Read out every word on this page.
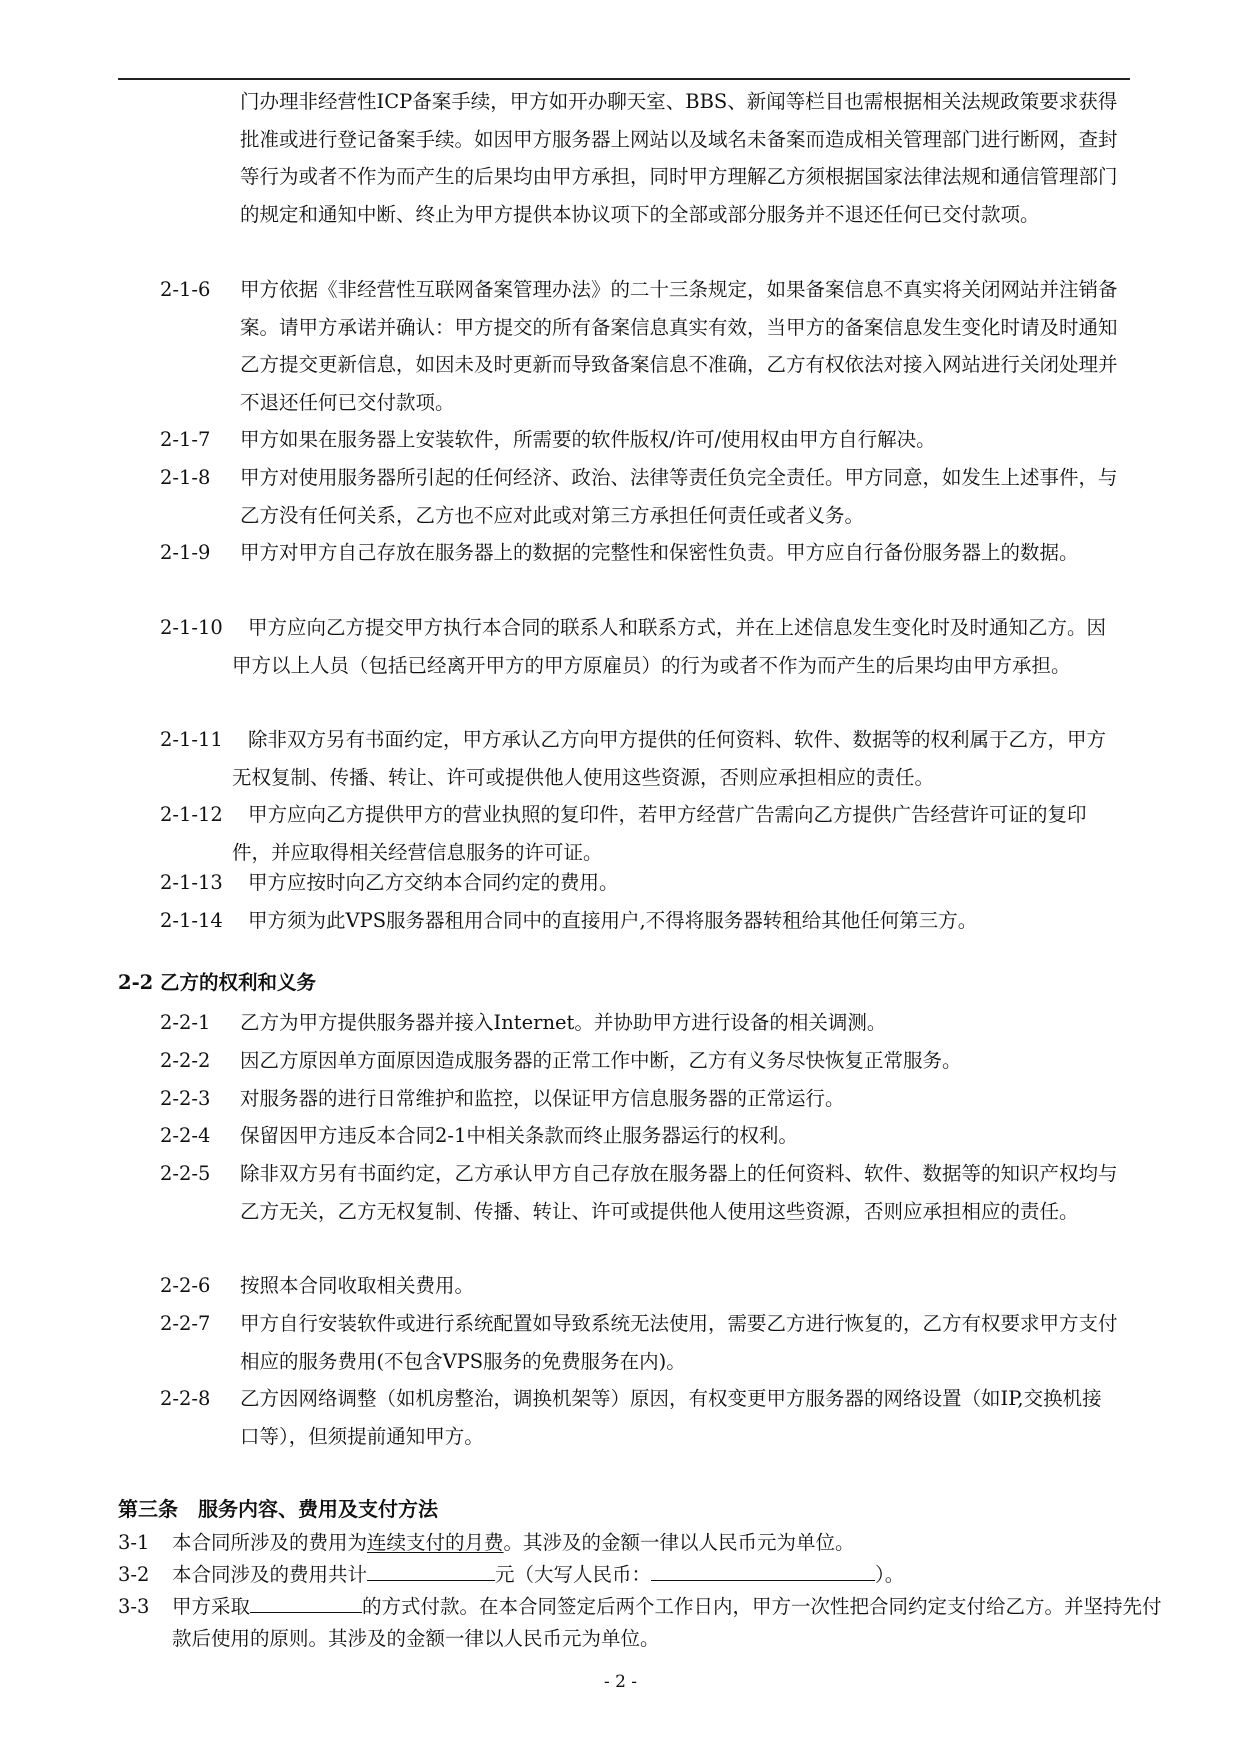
门办理非经营性ICP备案手续，甲方如开办聊天室、BBS、新闻等栏目也需根据相关法规政策要求获得批准或进行登记备案手续。如因甲方服务器上网站以及域名未备案而造成相关管理部门进行断网，查封等行为或者不作为而产生的后果均由甲方承担，同时甲方理解乙方须根据国家法律法规和通信管理部门的规定和通知中断、终止为甲方提供本协议项下的全部或部分服务并不退还任何已交付款项。
2-1-6 甲方依据《非经营性互联网备案管理办法》的二十三条规定，如果备案信息不真实将关闭网站并注销备案。请甲方承诺并确认：甲方提交的所有备案信息真实有效，当甲方的备案信息发生变化时请及时通知乙方提交更新信息，如因未及时更新而导致备案信息不准确，乙方有权依法对接入网站进行关闭处理并不退还任何已交付款项。
2-1-7 甲方如果在服务器上安装软件，所需要的软件版权/许可/使用权由甲方自行解决。
2-1-8 甲方对使用服务器所引起的任何经济、政治、法律等责任负完全责任。甲方同意，如发生上述事件，与乙方没有任何关系，乙方也不应对此或对第三方承担任何责任或者义务。
2-1-9 甲方对甲方自己存放在服务器上的数据的完整性和保密性负责。甲方应自行备份服务器上的数据。
2-1-10	甲方应向乙方提交甲方执行本合同的联系人和联系方式，并在上述信息发生变化时及时通知乙方。因甲方以上人员（包括已经离开甲方的甲方原雇员）的行为或者不作为而产生的后果均由甲方承担。
2-1-11	除非双方另有书面约定，甲方承认乙方向甲方提供的任何资料、软件、数据等的权利属于乙方，甲方无权复制、传播、转让、许可或提供他人使用这些资源，否则应承担相应的责任。
2-1-12	甲方应向乙方提供甲方的营业执照的复印件，若甲方经营广告需向乙方提供广告经营许可证的复印件，并应取得相关经营信息服务的许可证。
2-1-13 甲方应按时向乙方交纳本合同约定的费用。
2-1-14 甲方须为此VPS服务器租用合同中的直接用户,不得将服务器转租给其他任何第三方。
2-2 乙方的权利和义务
2-2-1 乙方为甲方提供服务器并接入Internet。并协助甲方进行设备的相关调测。
2-2-2 因乙方原因单方面原因造成服务器的正常工作中断，乙方有义务尽快恢复正常服务。
2-2-3 对服务器的进行日常维护和监控，以保证甲方信息服务器的正常运行。
2-2-4 保留因甲方违反本合同2-1中相关条款而终止服务器运行的权利。
2-2-5 除非双方另有书面约定，乙方承认甲方自己存放在服务器上的任何资料、软件、数据等的知识产权均与乙方无关，乙方无权复制、传播、转让、许可或提供他人使用这些资源，否则应承担相应的责任。
2-2-6 按照本合同收取相关费用。
2-2-7 甲方自行安装软件或进行系统配置如导致系统无法使用，需要乙方进行恢复的，乙方有权要求甲方支付相应的服务费用(不包含VPS服务的免费服务在内)。
2-2-8 乙方因网络调整（如机房整治，调换机架等）原因，有权变更甲方服务器的网络设置（如IP,交换机接口等），但须提前通知甲方。
第三条　服务内容、费用及支付方法
3-1 本合同所涉及的费用为连续支付的月费。其涉及的金额一律以人民币元为单位。
3-2 本合同涉及的费用共计	元（大写人民币：	）。
3-3 甲方采取	的方式付款。在本合同签定后两个工作日内，甲方一次性把合同约定支付给乙方。并坚持先付款后使用的原则。其涉及的金额一律以人民币元为单位。
- 2 -
